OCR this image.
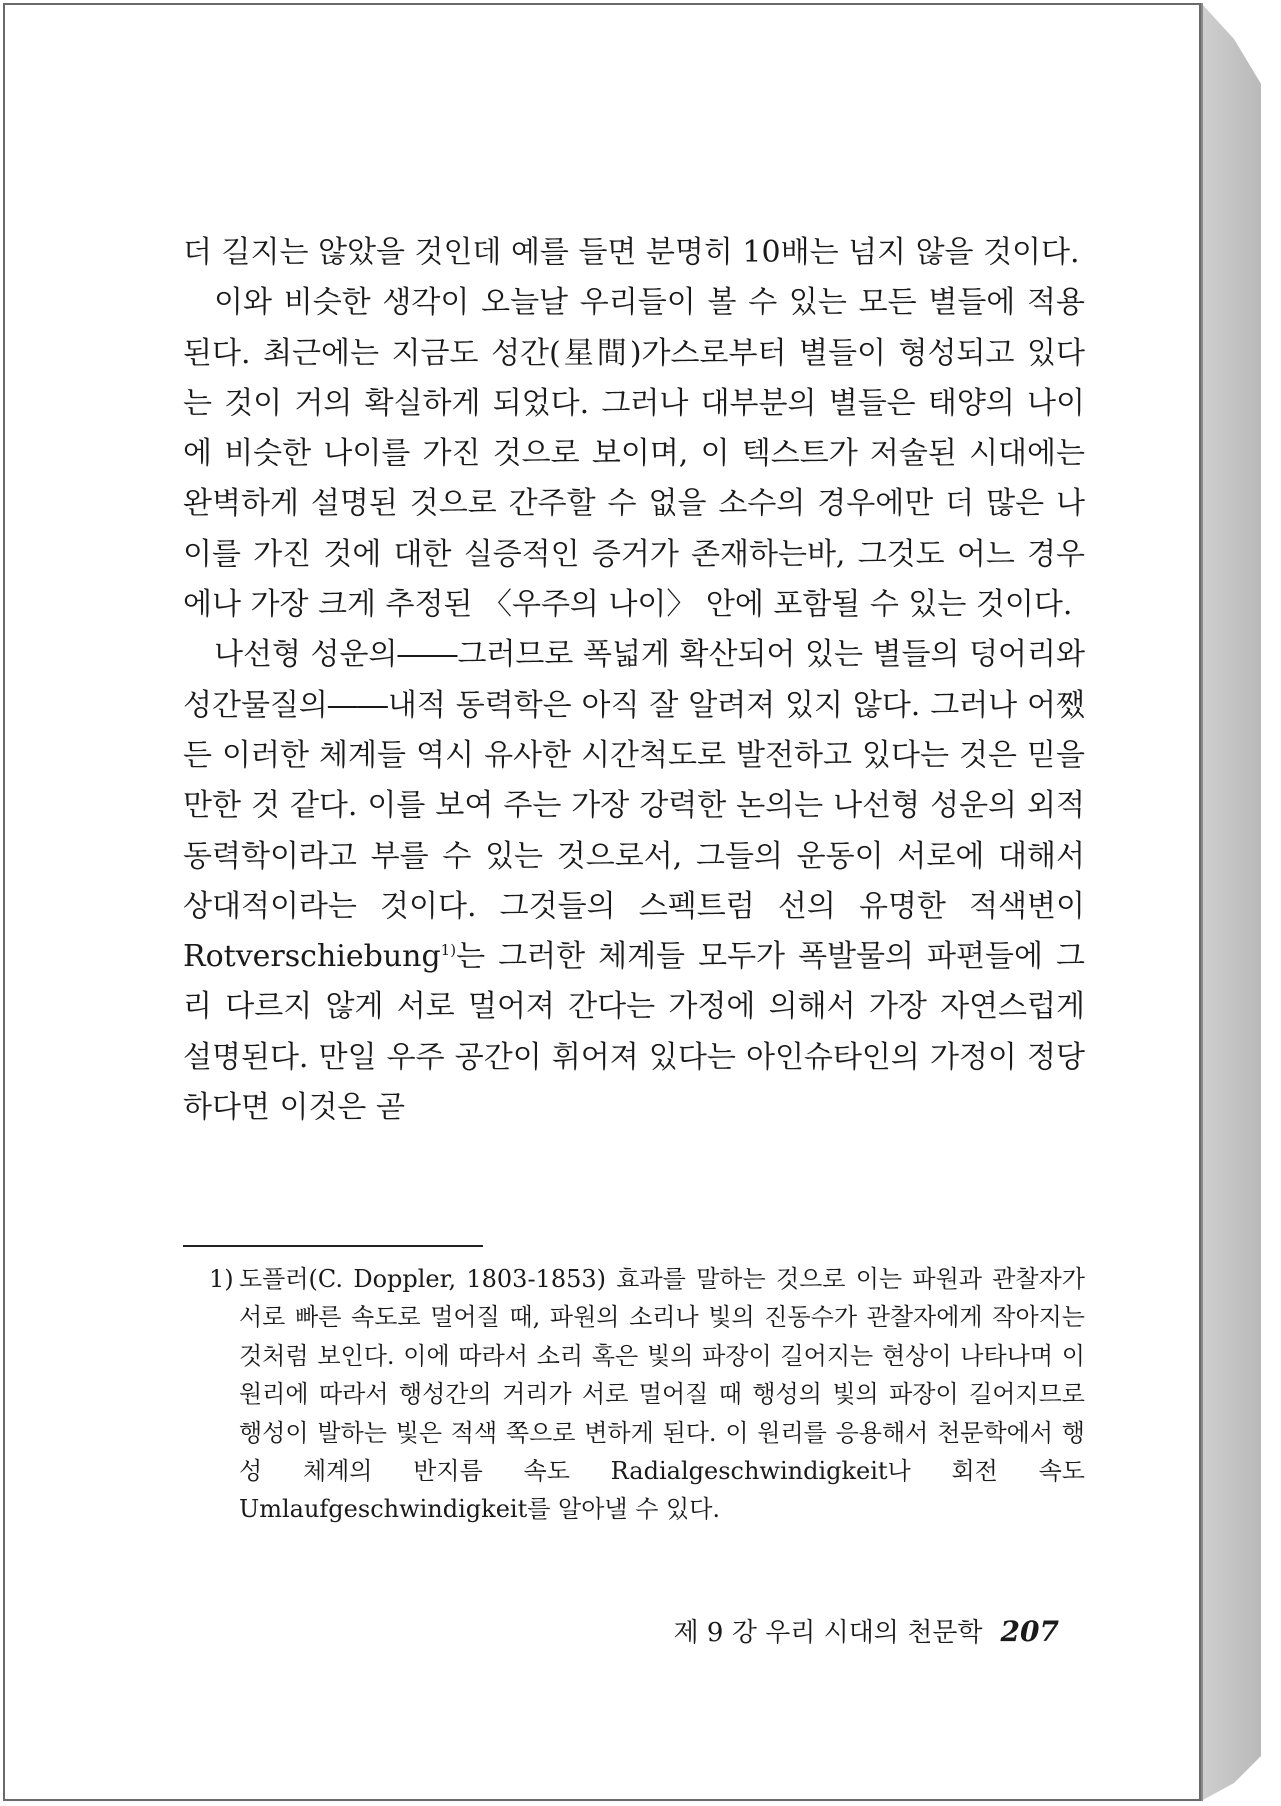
더 길지는 않았을 것인데 예를 들면 분명히 10배는 넘지 않을 것이다.

이와 비슷한 생각이 오늘날 우리들이 볼 수 있는 모든 별들에 적용된다. 최근에는 지금도 성간(星間)가스로부터 별들이 형성되고 있다는 것이 거의 확실하게 되었다. 그러나 대부분의 별들은 태양의 나이에 비슷한 나이를 가진 것으로 보이며, 이 텍스트가 저술된 시대에는 완벽하게 설명된 것으로 간주할 수 없을 소수의 경우에만 더 많은 나이를 가진 것에 대한 실증적인 증거가 존재하는바, 그것도 어느 경우에나 가장 크게 추정된 〈우주의 나이〉 안에 포함될 수 있는 것이다.

나선형 성운의――그러므로 폭넓게 확산되어 있는 별들의 덩어리와 성간물질의――내적 동력학은 아직 잘 알려져 있지 않다. 그러나 어쨌든 이러한 체계들 역시 유사한 시간척도로 발전하고 있다는 것은 믿을 만한 것 같다. 이를 보여 주는 가장 강력한 논의는 나선형 성운의 외적 동력학이라고 부를 수 있는 것으로서, 그들의 운동이 서로에 대해서 상대적이라는 것이다. 그것들의 스펙트럼 선의 유명한 적색변이 Rotverschiebung$^{1)}$는 그러한 체계들 모두가 폭발물의 파편들에 그리 다르지 않게 서로 멀어져 간다는 가정에 의해서 가장 자연스럽게 설명된다. 만일 우주 공간이 휘어져 있다는 아인슈타인의 가정이 정당하다면 이것은 곧

1) 도플러(C. Doppler, 1803-1853) 효과를 말하는 것으로 이는 파원과 관찰자가 서로 빠른 속도로 멀어질 때, 파원의 소리나 빛의 진동수가 관찰자에게 작아지는 것처럼 보인다. 이에 따라서 소리 혹은 빛의 파장이 길어지는 현상이 나타나며 이 원리에 따라서 행성간의 거리가 서로 멀어질 때 행성의 빛의 파장이 길어지므로 행성이 발하는 빛은 적색 쪽으로 변하게 된다. 이 원리를 응용해서 천문학에서 행성 체계의 반지름 속도 Radialgeschwindigkeit나 회전 속도 Umlaufgeschwindigkeit를 알아낼 수 있다.
제 9 강 우리 시대의 천문학 207
